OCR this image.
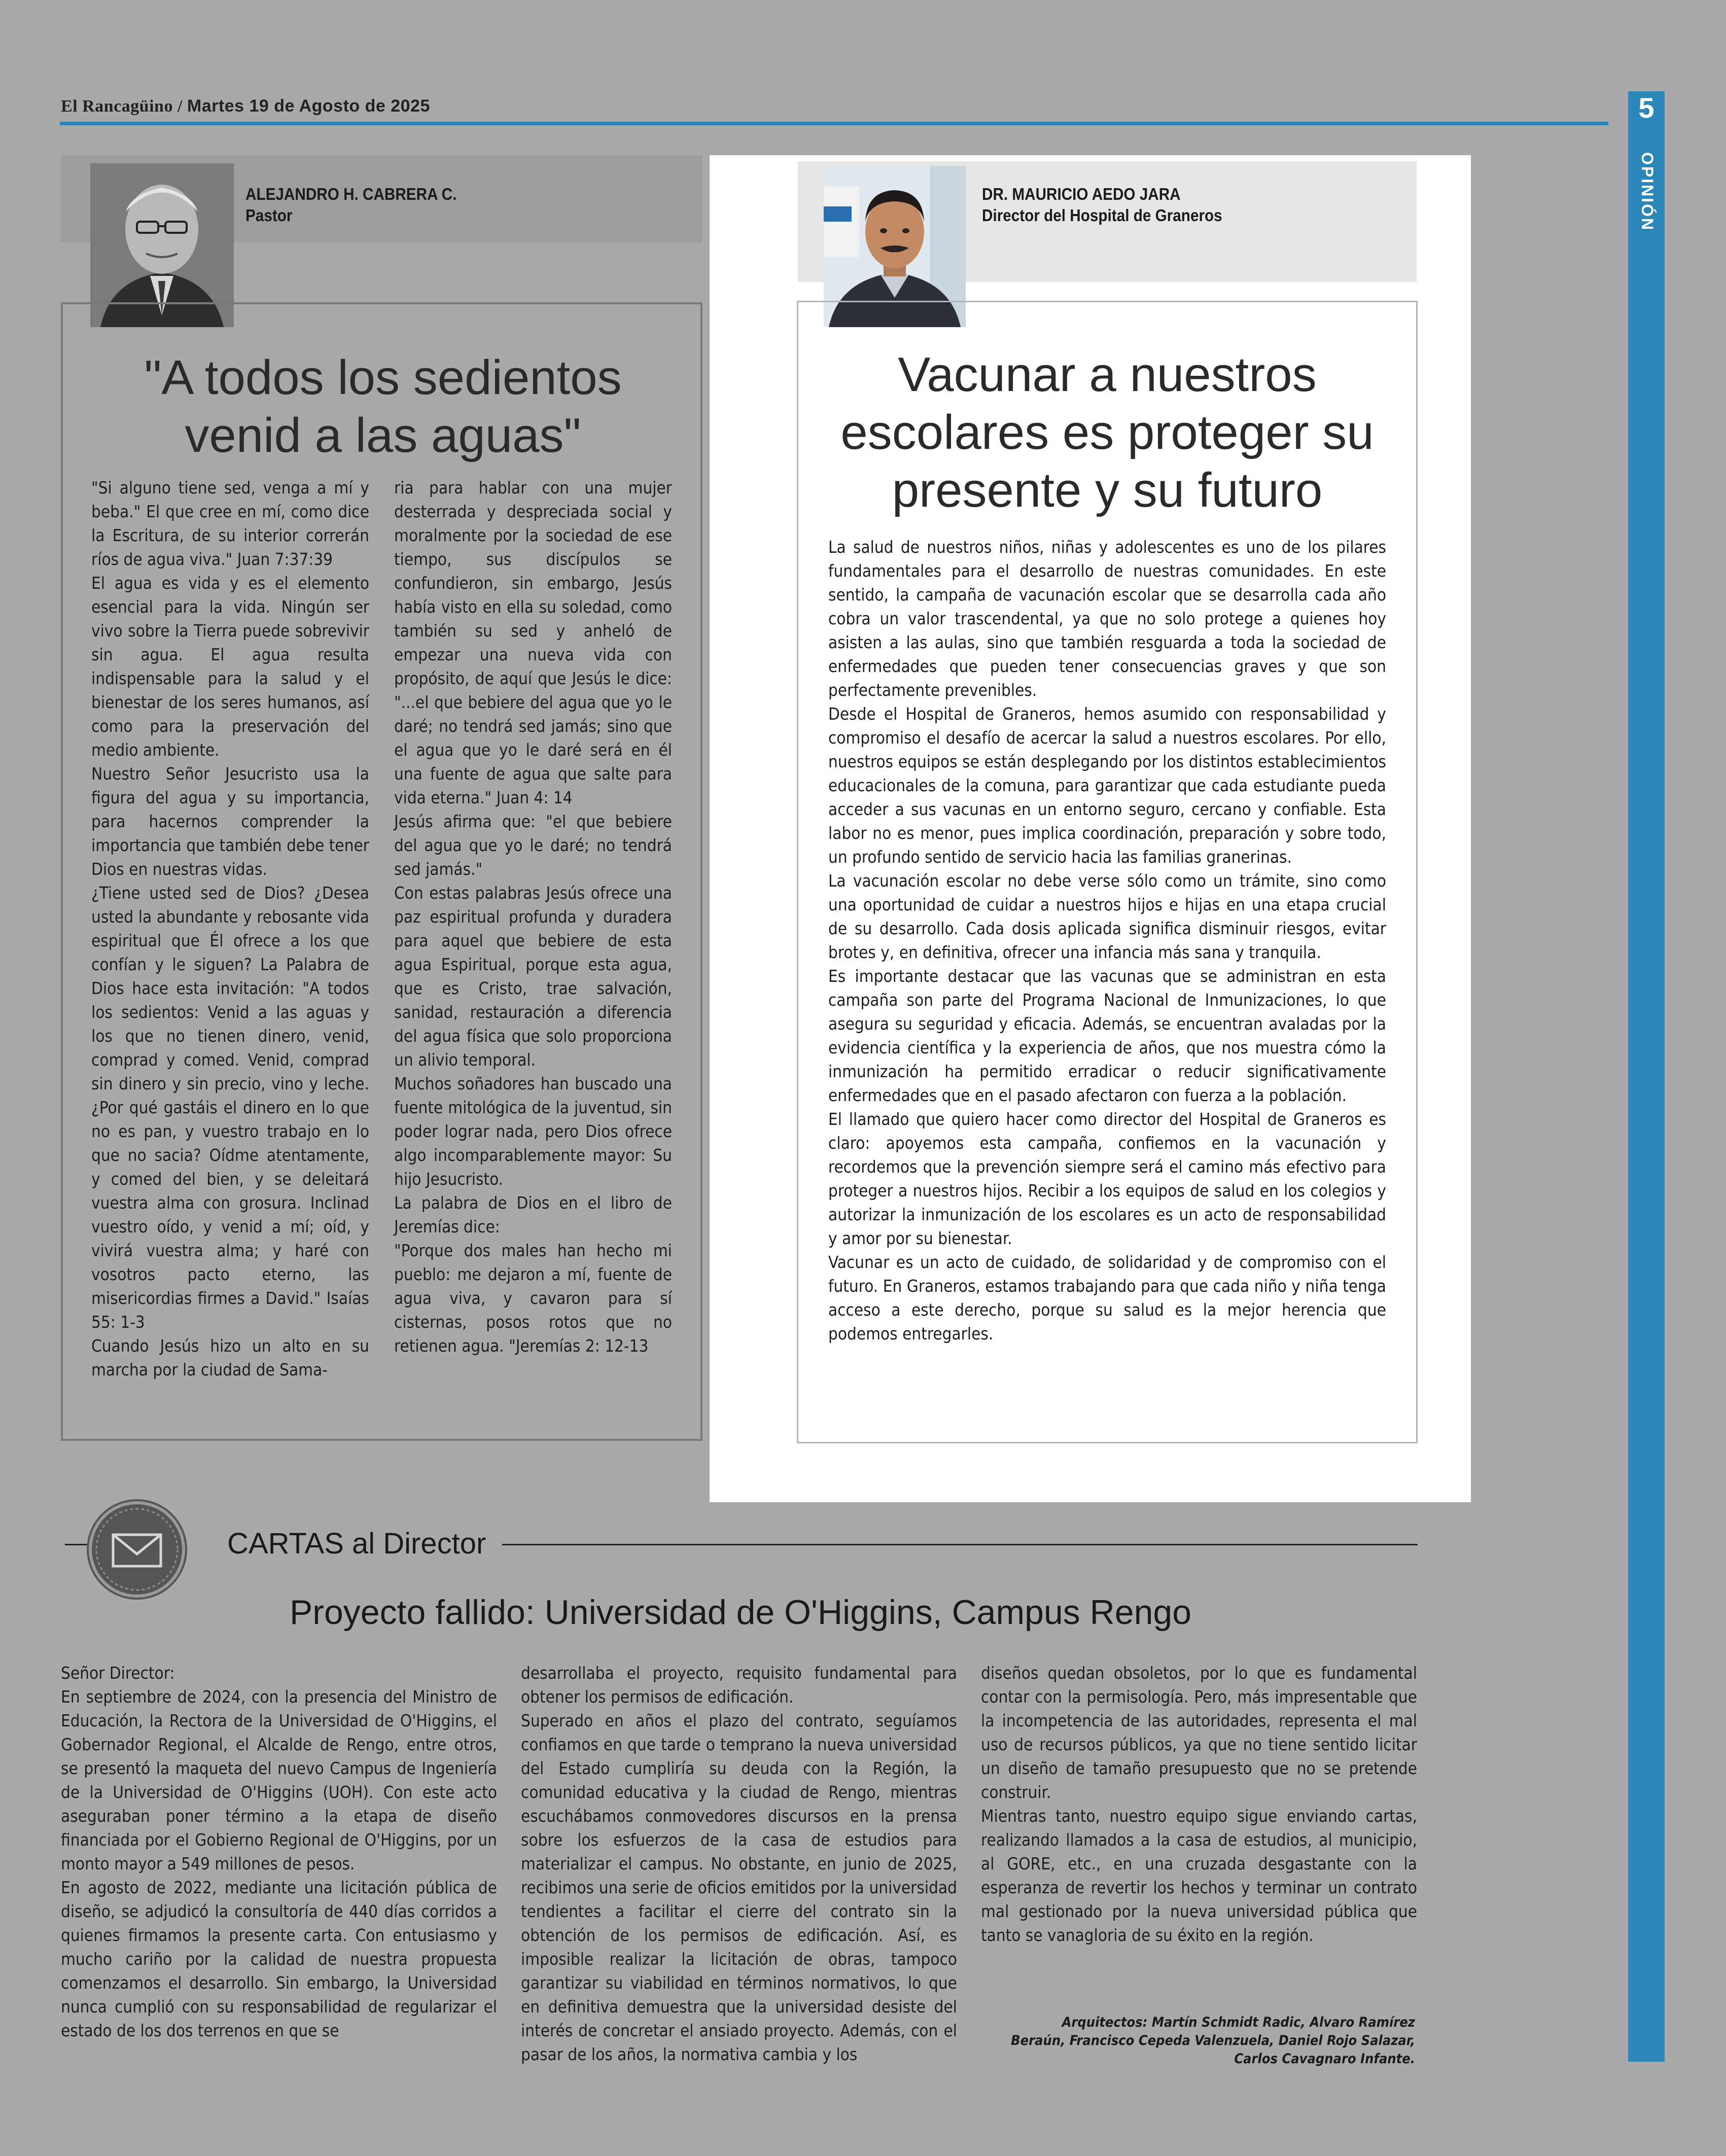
El Rancagüino / Martes 19 de Agosto de 2025	5
OPINIÓN
ALEJANDRO H. CABRERA C.
Pastor
"A todos los sedientos venid a las aguas"

"Si alguno tiene sed, venga a mí y beba." El que cree en mí, como dice la Escritura, de su interior correrán ríos de agua viva." Juan 7:37:39

El agua es vida y es el elemento esencial para la vida. Ningún ser vivo sobre la Tierra puede sobrevivir sin agua. El agua resulta indispensable para la salud y el bienestar de los seres humanos, así como para la preservación del medio ambiente.

Nuestro Señor Jesucristo usa la figura del agua y su importancia, para hacernos comprender la importancia que también debe tener Dios en nuestras vidas.

¿Tiene usted sed de Dios? ¿Desea usted la abundante y rebosante vida espiritual que Él ofrece a los que confían y le siguen? La Palabra de Dios hace esta invitación: "A todos los sedientos: Venid a las aguas y los que no tienen dinero, venid, comprad y comed. Venid, comprad sin dinero y sin precio, vino y leche. ¿Por qué gastáis el dinero en lo que no es pan, y vuestro trabajo en lo que no sacia? Oídme atentamente, y comed del bien, y se deleitará vuestra alma con grosura. Inclinad vuestro oído, y venid a mí; oíd, y vivirá vuestra alma; y haré con vosotros pacto eterno, las misericordias firmes a David." Isaías 55: 1-3

Cuando Jesús hizo un alto en su marcha por la ciudad de Sama-

ria para hablar con una mujer desterrada y despreciada social y moralmente por la sociedad de ese tiempo, sus discípulos se confundieron, sin embargo, Jesús había visto en ella su soledad, como también su sed y anheló de empezar una nueva vida con propósito, de aquí que Jesús le dice: "...el que bebiere del agua que yo le daré; no tendrá sed jamás; sino que el agua que yo le daré será en él una fuente de agua que salte para vida eterna." Juan 4: 14

Jesús afirma que: "el que bebiere del agua que yo le daré; no tendrá sed jamás."

Con estas palabras Jesús ofrece una paz espiritual profunda y duradera para aquel que bebiere de esta agua Espiritual, porque esta agua, que es Cristo, trae salvación, sanidad, restauración a diferencia del agua física que solo proporciona un alivio temporal.

Muchos soñadores han buscado una fuente mitológica de la juventud, sin poder lograr nada, pero Dios ofrece algo incomparablemente mayor: Su hijo Jesucristo.

La palabra de Dios en el libro de Jeremías dice:

"Porque dos males han hecho mi pueblo: me dejaron a mí, fuente de agua viva, y cavaron para sí cisternas, posos rotos que no retienen agua. "Jeremías 2: 12-13

DR. MAURICIO AEDO JARA
Director del Hospital de Graneros
Vacunar a nuestros escolares es proteger su presente y su futuro

La salud de nuestros niños, niñas y adolescentes es uno de los pilares fundamentales para el desarrollo de nuestras comunidades. En este sentido, la campaña de vacunación escolar que se desarrolla cada año cobra un valor trascendental, ya que no solo protege a quienes hoy asisten a las aulas, sino que también resguarda a toda la sociedad de enfermedades que pueden tener consecuencias graves y que son perfectamente prevenibles.

Desde el Hospital de Graneros, hemos asumido con responsabilidad y compromiso el desafío de acercar la salud a nuestros escolares. Por ello, nuestros equipos se están desplegando por los distintos establecimientos educacionales de la comuna, para garantizar que cada estudiante pueda acceder a sus vacunas en un entorno seguro, cercano y confiable. Esta labor no es menor, pues implica coordinación, preparación y sobre todo, un profundo sentido de servicio hacia las familias granerinas.

La vacunación escolar no debe verse sólo como un trámite, sino como una oportunidad de cuidar a nuestros hijos e hijas en una etapa crucial de su desarrollo. Cada dosis aplicada significa disminuir riesgos, evitar brotes y, en definitiva, ofrecer una infancia más sana y tranquila.

Es importante destacar que las vacunas que se administran en esta campaña son parte del Programa Nacional de Inmunizaciones, lo que asegura su seguridad y eficacia. Además, se encuentran avaladas por la evidencia científica y la experiencia de años, que nos muestra cómo la inmunización ha permitido erradicar o reducir significativamente enfermedades que en el pasado afectaron con fuerza a la población.

El llamado que quiero hacer como director del Hospital de Graneros es claro: apoyemos esta campaña, confiemos en la vacunación y recordemos que la prevención siempre será el camino más efectivo para proteger a nuestros hijos. Recibir a los equipos de salud en los colegios y autorizar la inmunización de los escolares es un acto de responsabilidad y amor por su bienestar.

Vacunar es un acto de cuidado, de solidaridad y de compromiso con el futuro. En Graneros, estamos trabajando para que cada niño y niña tenga acceso a este derecho, porque su salud es la mejor herencia que podemos entregarles.

CARTAS al Director
Proyecto fallido: Universidad de O'Higgins, Campus Rengo

Señor Director:

En septiembre de 2024, con la presencia del Ministro de Educación, la Rectora de la Universidad de O'Higgins, el Gobernador Regional, el Alcalde de Rengo, entre otros, se presentó la maqueta del nuevo Campus de Ingeniería de la Universidad de O'Higgins (UOH). Con este acto aseguraban poner término a la etapa de diseño financiada por el Gobierno Regional de O'Higgins, por un monto mayor a 549 millones de pesos.

En agosto de 2022, mediante una licitación pública de diseño, se adjudicó la consultoría de 440 días corridos a quienes firmamos la presente carta. Con entusiasmo y mucho cariño por la calidad de nuestra propuesta comenzamos el desarrollo. Sin embargo, la Universidad nunca cumplió con su responsabilidad de regularizar el estado de los dos terrenos en que se

desarrollaba el proyecto, requisito fundamental para obtener los permisos de edificación.

Superado en años el plazo del contrato, seguíamos confiamos en que tarde o temprano la nueva universidad del Estado cumpliría su deuda con la Región, la comunidad educativa y la ciudad de Rengo, mientras escuchábamos conmovedores discursos en la prensa sobre los esfuerzos de la casa de estudios para materializar el campus. No obstante, en junio de 2025, recibimos una serie de oficios emitidos por la universidad tendientes a facilitar el cierre del contrato sin la obtención de los permisos de edificación. Así, es imposible realizar la licitación de obras, tampoco garantizar su viabilidad en términos normativos, lo que en definitiva demuestra que la universidad desiste del interés de concretar el ansiado proyecto. Además, con el pasar de los años, la normativa cambia y los

diseños quedan obsoletos, por lo que es fundamental contar con la permisología. Pero, más impresentable que la incompetencia de las autoridades, representa el mal uso de recursos públicos, ya que no tiene sentido licitar un diseño de tamaño presupuesto que no se pretende construir.

Mientras tanto, nuestro equipo sigue enviando cartas, realizando llamados a la casa de estudios, al municipio, al GORE, etc., en una cruzada desgastante con la esperanza de revertir los hechos y terminar un contrato mal gestionado por la nueva universidad pública que tanto se vanagloria de su éxito en la región.

Arquitectos: Martín Schmidt Radic, Alvaro Ramírez
Beraún, Francisco Cepeda Valenzuela, Daniel Rojo Salazar,
Carlos Cavagnaro Infante.
